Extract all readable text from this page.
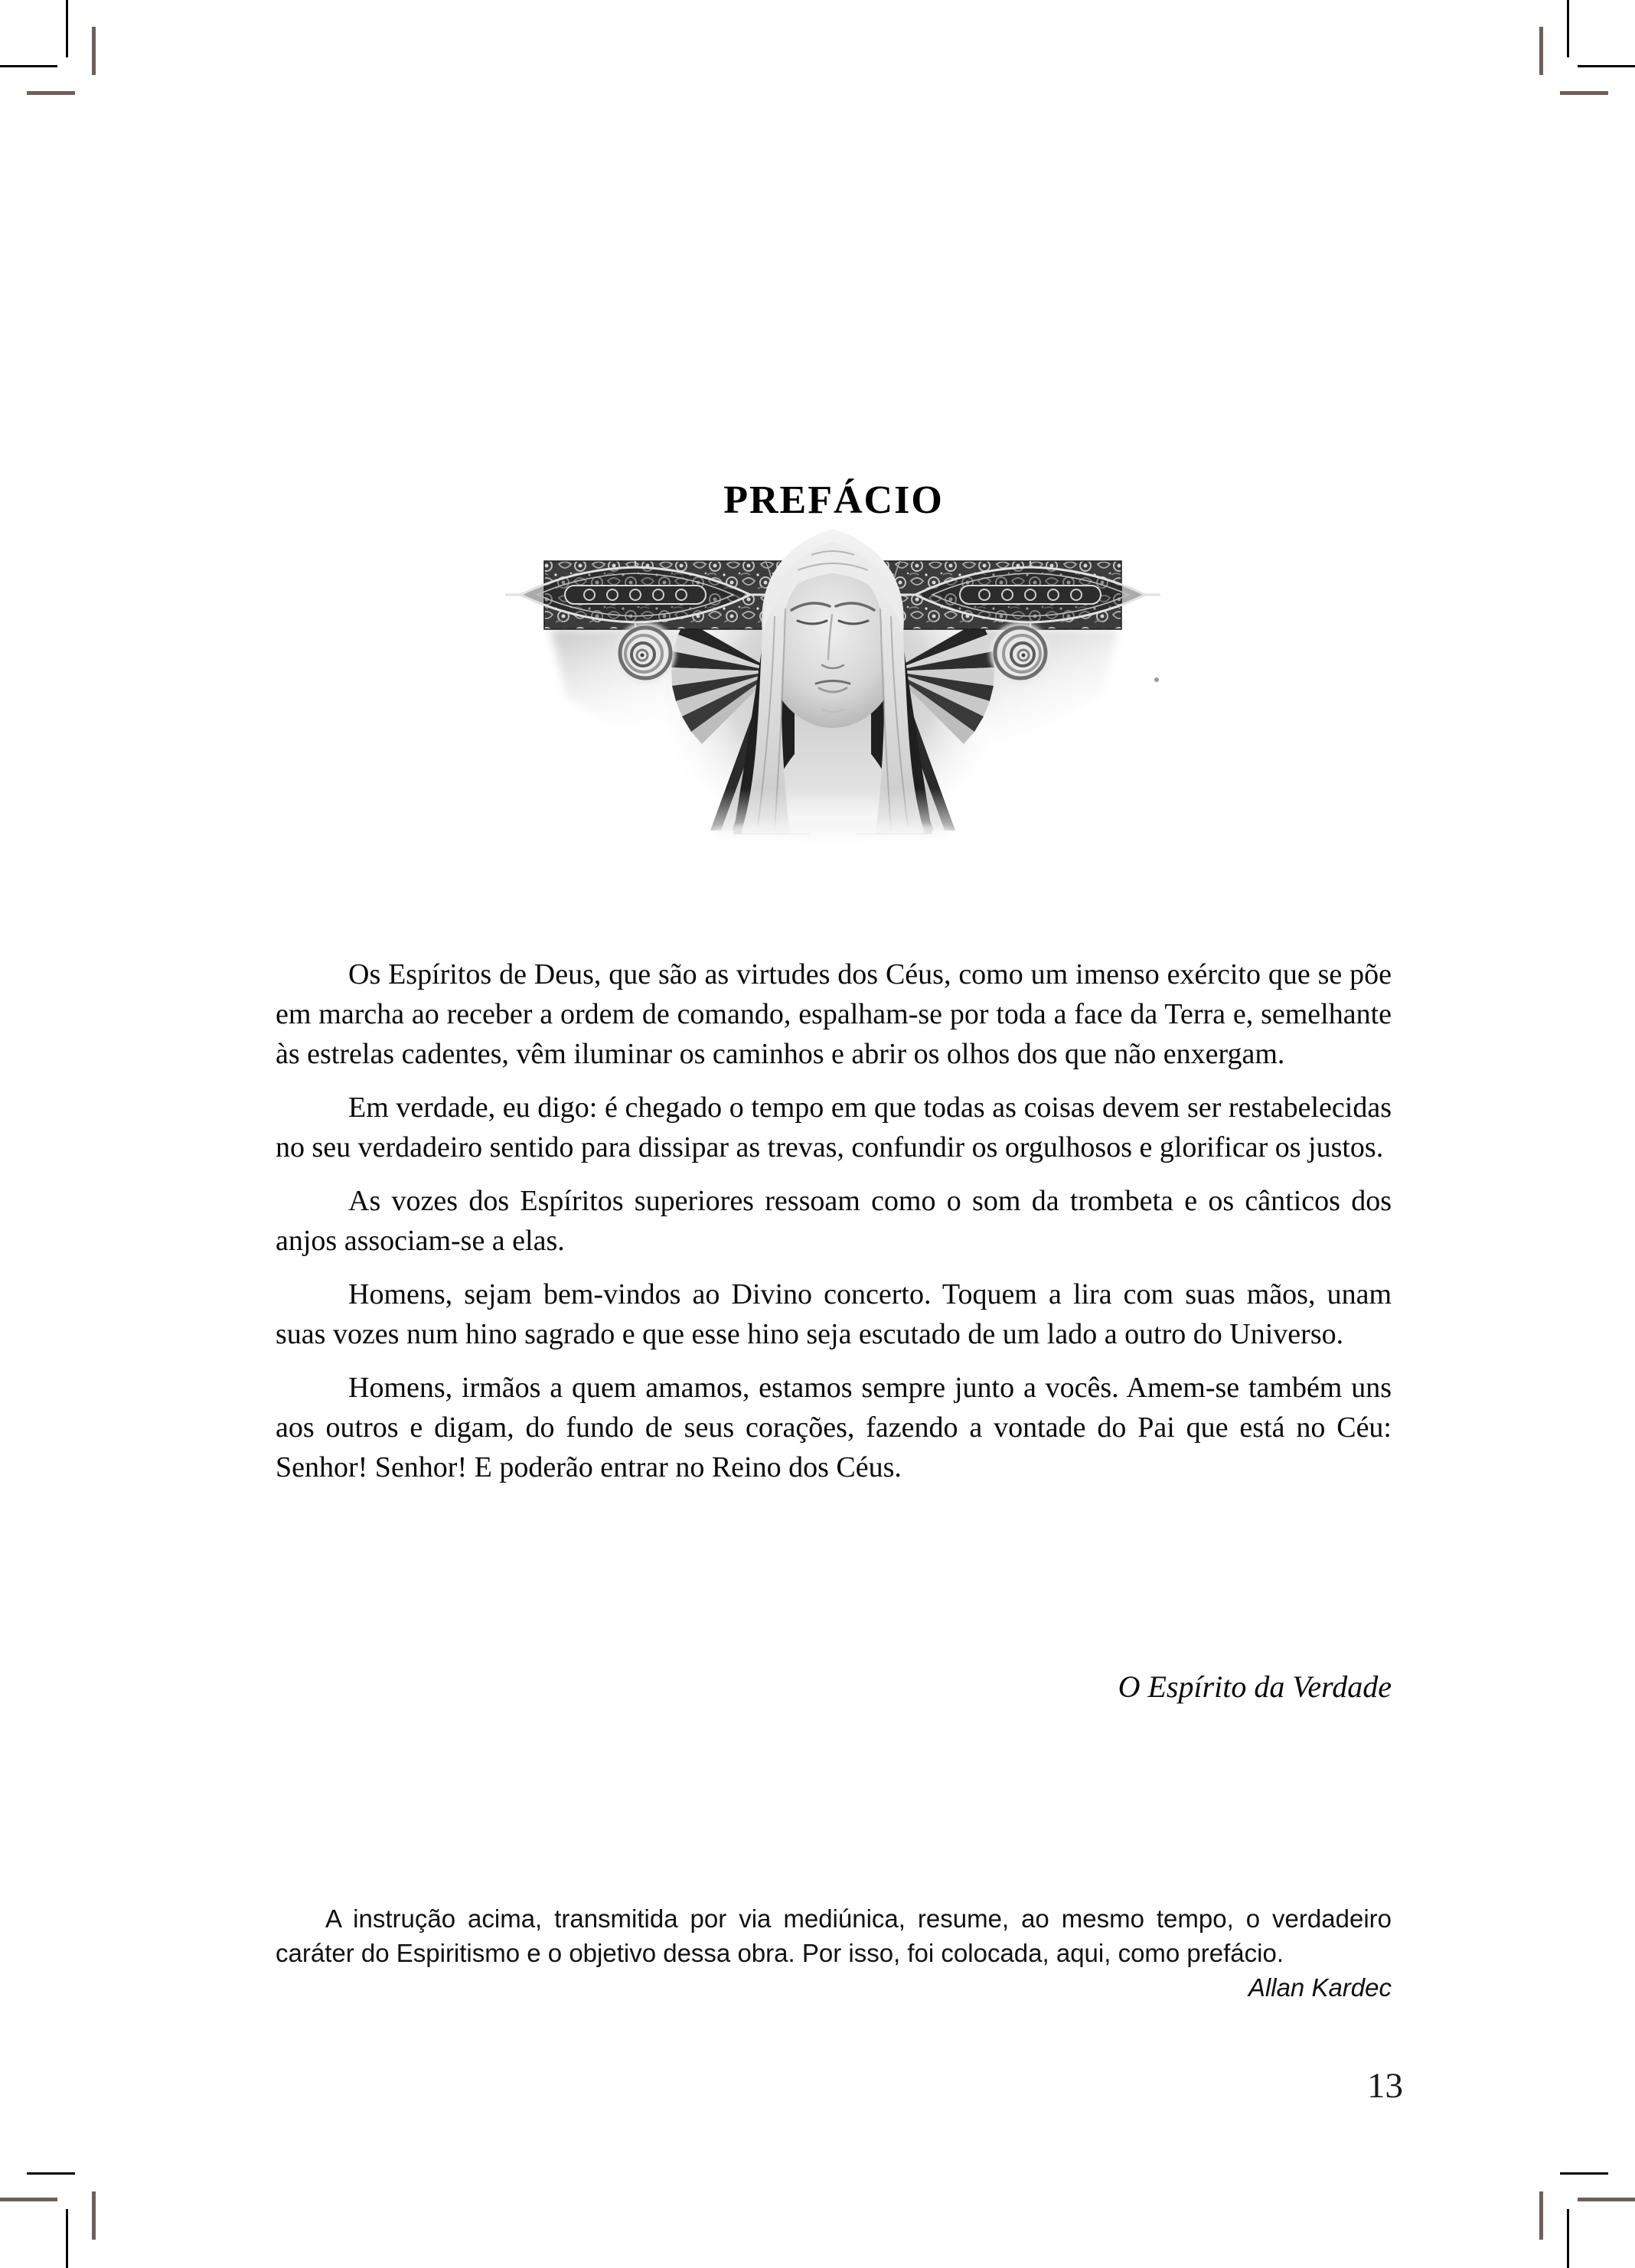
PREFÁCIO

Os Espíritos de Deus, que são as virtudes dos Céus, como um imenso exército que se põe em marcha ao receber a ordem de comando, espalham-se por toda a face da Terra e, semelhante às estrelas cadentes, vêm iluminar os caminhos e abrir os olhos dos que não enxergam.

Em verdade, eu digo: é chegado o tempo em que todas as coisas devem ser restabelecidas no seu verdadeiro sentido para dissipar as trevas, confundir os orgulhosos e glorificar os justos.

As vozes dos Espíritos superiores ressoam como o som da trombeta e os cânticos dos anjos associam-se a elas.

Homens, sejam bem-vindos ao Divino concerto. Toquem a lira com suas mãos, unam suas vozes num hino sagrado e que esse hino seja escutado de um lado a outro do Universo.

Homens, irmãos a quem amamos, estamos sempre junto a vocês. Amem-se também uns aos outros e digam, do fundo de seus corações, fazendo a vontade do Pai que está no Céu: Senhor! Senhor! E poderão entrar no Reino dos Céus.

O Espírito da Verdade

A instrução acima, transmitida por via mediúnica, resume, ao mesmo tempo, o verdadeiro caráter do Espiritismo e o objetivo dessa obra. Por isso, foi colocada, aqui, como prefácio.

Allan Kardec

13
